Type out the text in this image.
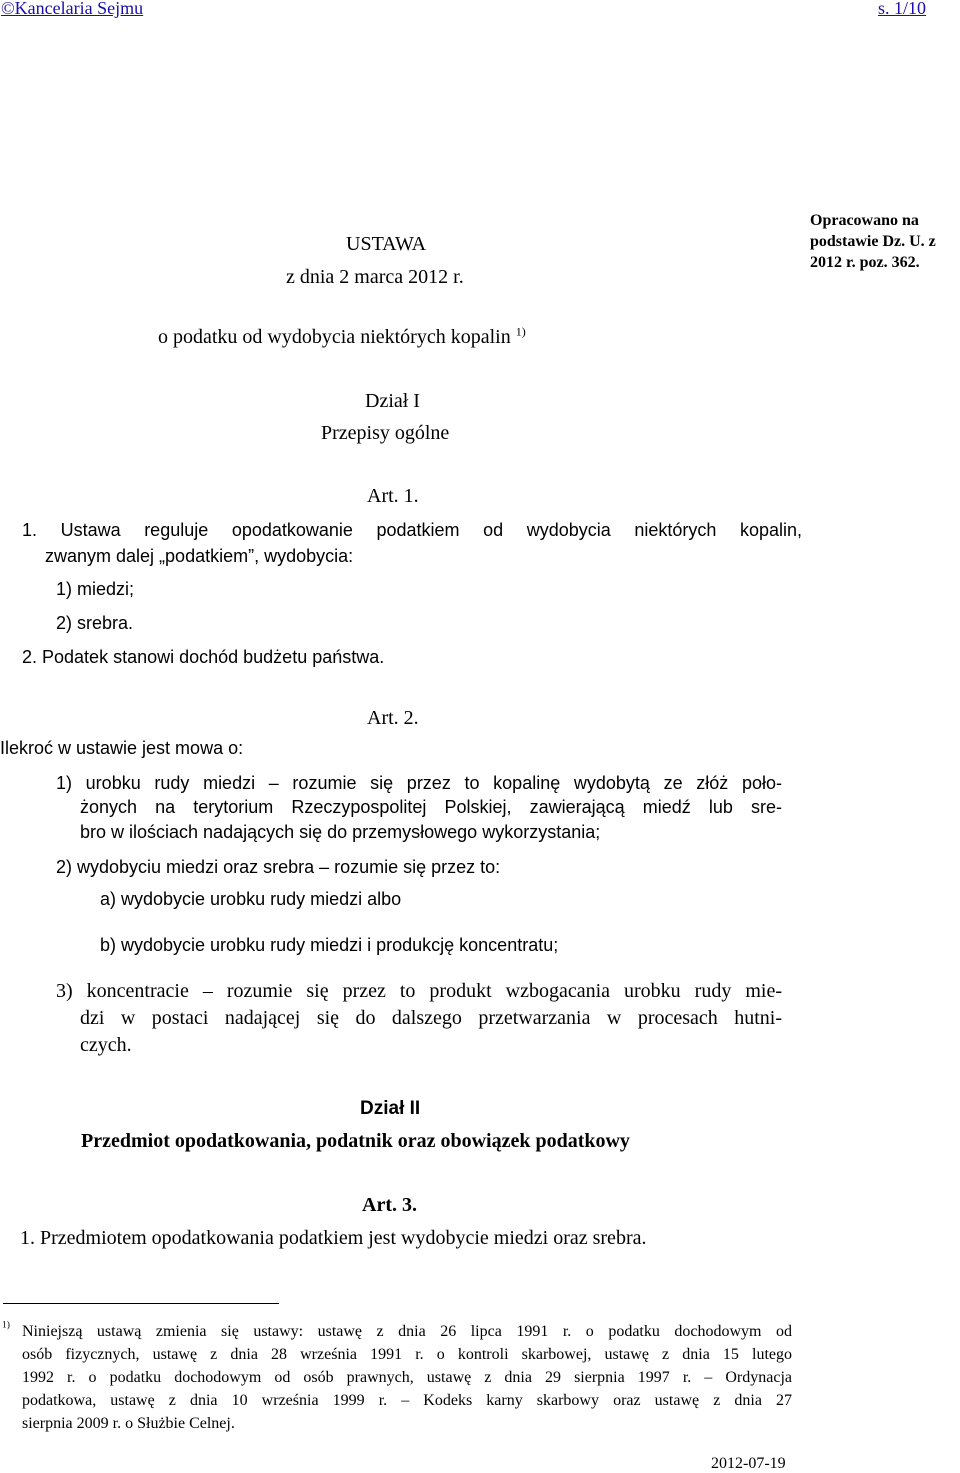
©Kancelaria Sejmu	s. 1/10
Opracowano na
podstawie Dz. U. z
2012 r. poz. 362.
USTAWA
z dnia 2 marca 2012 r.
o podatku od wydobycia niektórych kopalin $^{1)}$
Dział I
Przepisy ogólne
Art. 1.
1. Ustawa reguluje opodatkowanie podatkiem od wydobycia niektórych kopalin,
zwanym dalej „podatkiem”, wydobycia:
1) miedzi;
2) srebra.
2. Podatek stanowi dochód budżetu państwa.
Art. 2.
Ilekroć w ustawie jest mowa o:
1) urobku rudy miedzi – rozumie się przez to kopalinę wydobytą ze złóż poło-
żonych na terytorium Rzeczypospolitej Polskiej, zawierającą miedź lub sre-
bro w ilościach nadających się do przemysłowego wykorzystania;
2) wydobyciu miedzi oraz srebra – rozumie się przez to:
a) wydobycie urobku rudy miedzi albo
b) wydobycie urobku rudy miedzi i produkcję koncentratu;
3) koncentracie – rozumie się przez to produkt wzbogacania urobku rudy mie-
dzi w postaci nadającej się do dalszego przetwarzania w procesach hutni-
czych.
Dział II
Przedmiot opodatkowania, podatnik oraz obowiązek podatkowy
Art. 3.
1. Przedmiotem opodatkowania podatkiem jest wydobycie miedzi oraz srebra.
$^{1)}$ Niniejszą ustawą zmienia się ustawy: ustawę z dnia 26 lipca 1991 r. o podatku dochodowym od
osób fizycznych, ustawę z dnia 28 września 1991 r. o kontroli skarbowej, ustawę z dnia 15 lutego
1992 r. o podatku dochodowym od osób prawnych, ustawę z dnia 29 sierpnia 1997 r. – Ordynacja
podatkowa, ustawę z dnia 10 września 1999 r. – Kodeks karny skarbowy oraz ustawę z dnia 27
sierpnia 2009 r. o Służbie Celnej.
2012-07-19
